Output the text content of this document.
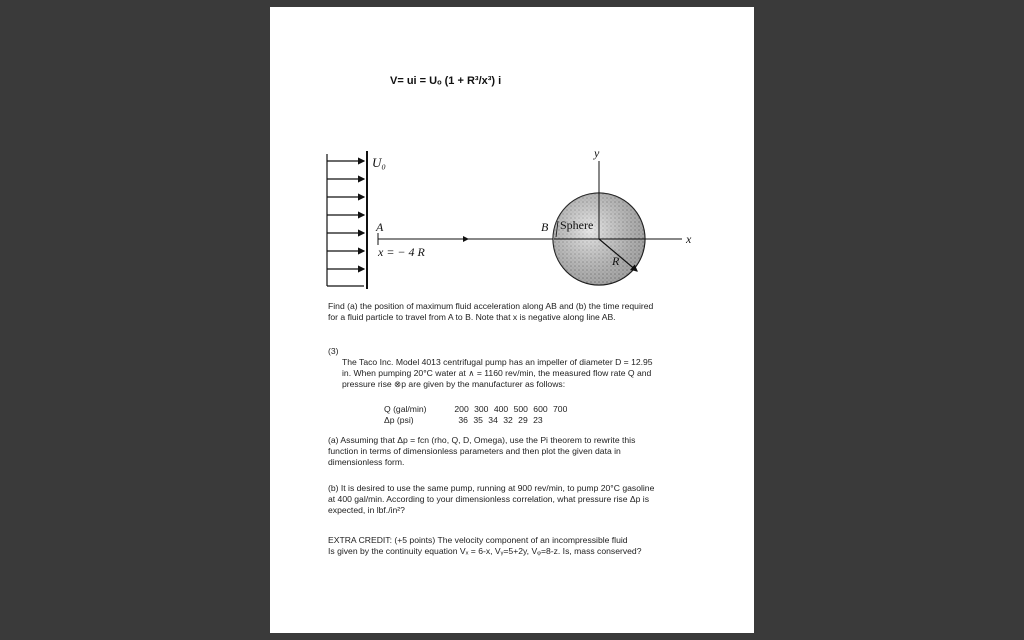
V= ui = Uₒ (1 + R³/x³) i
U₀
A
x = − 4 R
x
y
B Sphere
R
Find (a) the position of maximum fluid acceleration along AB and (b) the time required
for a fluid particle to travel from A to B. Note that x is negative along line AB.
(3)
The Taco Inc. Model 4013 centrifugal pump has an impeller of diameter D = 12.95
in. When pumping 20°C water at ∧ = 1160 rev/min, the measured flow rate Q and
pressure rise ⊗p are given by the manufacturer as follows:
Q (gal/min)	200 300 400 500 600 700
Δp (psi)	36 35 34 32 29 23
(a) Assuming that Δp = fcn (rho, Q, D, Omega), use the Pi theorem to rewrite this
function in terms of dimensionless parameters and then plot the given data in
dimensionless form.
(b) It is desired to use the same pump, running at 900 rev/min, to pump 20°C gasoline
at 400 gal/min. According to your dimensionless correlation, what pressure rise Δp is
expected, in lbf./in²?
EXTRA CREDIT: (+5 points) The velocity component of an incompressible fluid
Is given by the continuity equation Vₓ = 6-x, Vᵧ=5+2y, Vᵩ=8-z. Is, mass conserved?
